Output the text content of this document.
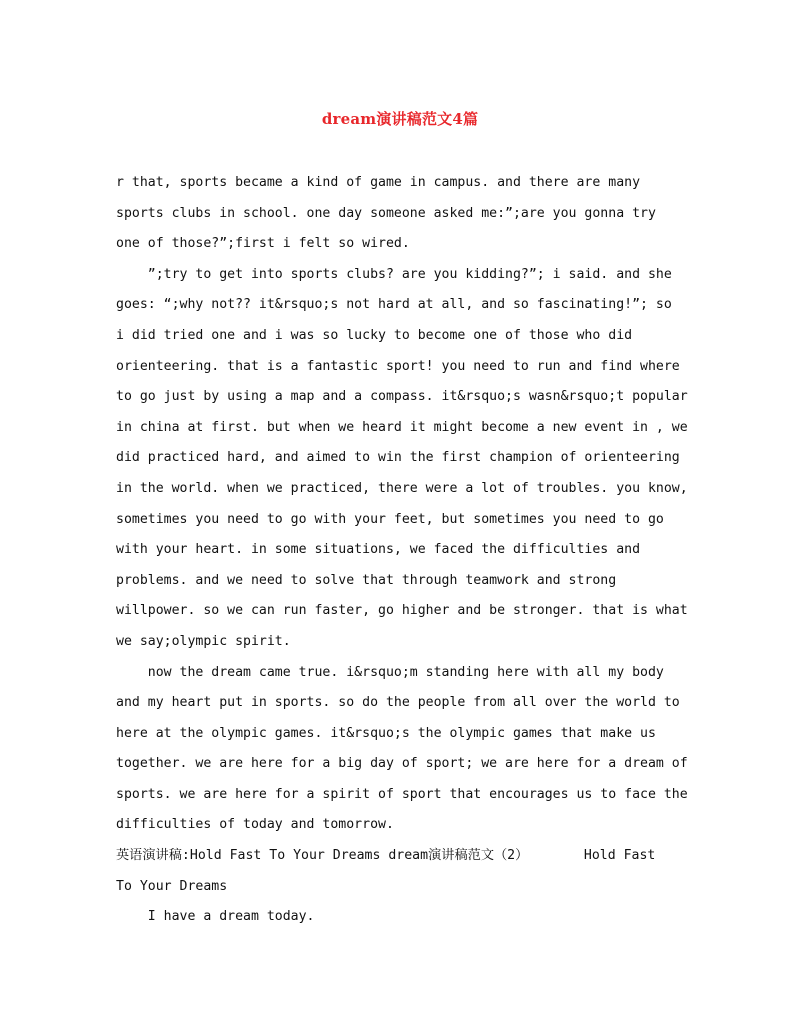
dream演讲稿范文4篇
r that, sports became a kind of game in campus. and there are many
sports clubs in school. one day someone asked me:”;are you gonna try
one of those?”;first i felt so wired.
”;try to get into sports clubs? are you kidding?”; i said. and she
goes: “;why not?? it&rsquo;s not hard at all, and so fascinating!”; so
i did tried one and i was so lucky to become one of those who did
orienteering. that is a fantastic sport! you need to run and find where
to go just by using a map and a compass. it&rsquo;s wasn&rsquo;t popular
in china at first. but when we heard it might become a new event in , we
did practiced hard, and aimed to win the first champion of orienteering
in the world. when we practiced, there were a lot of troubles. you know,
sometimes you need to go with your feet, but sometimes you need to go
with your heart. in some situations, we faced the difficulties and
problems. and we need to solve that through teamwork and strong
willpower. so we can run faster, go higher and be stronger. that is what
we say;olympic spirit.
now the dream came true. i&rsquo;m standing here with all my body
and my heart put in sports. so do the people from all over the world to
here at the olympic games. it&rsquo;s the olympic games that make us
together. we are here for a big day of sport; we are here for a dream of
sports. we are here for a spirit of sport that encourages us to face the
difficulties of today and tomorrow.
英语演讲稿:Hold Fast To Your Dreams dream演讲稿范文（2）       Hold Fast
To Your Dreams
I have a dream today.
